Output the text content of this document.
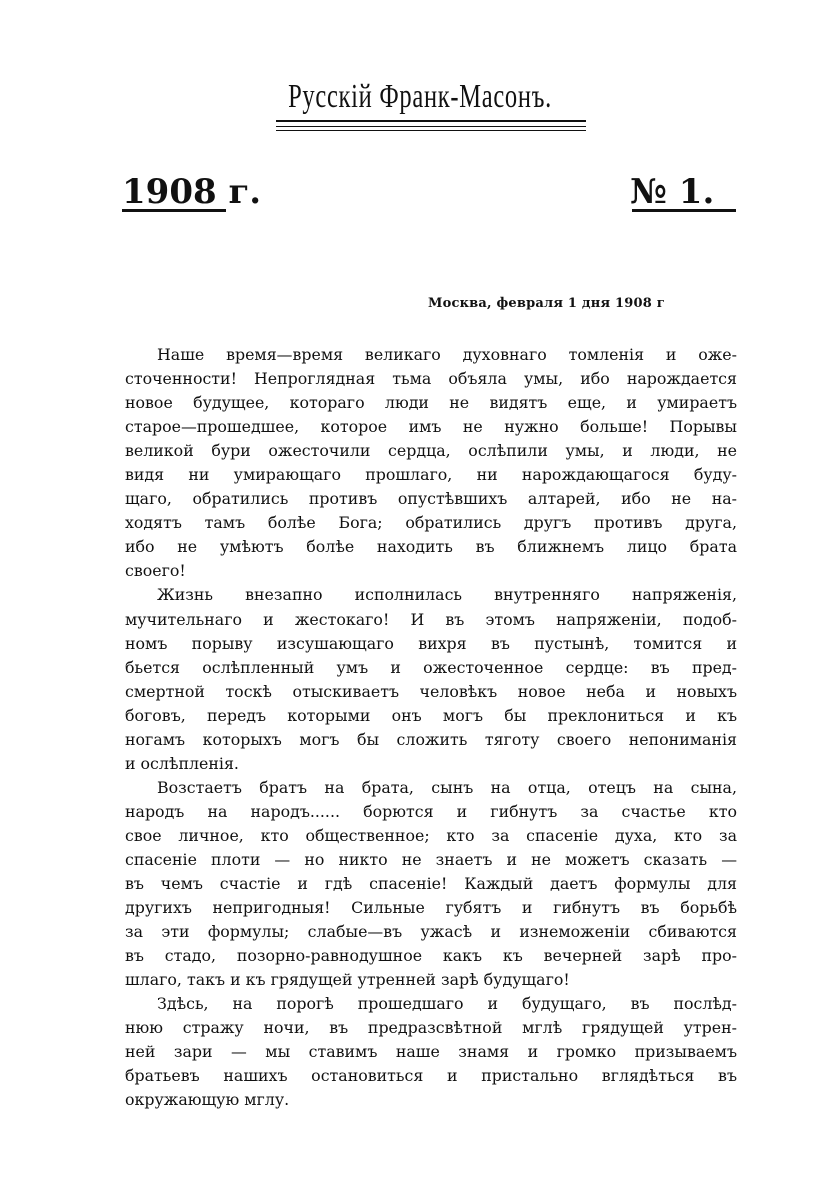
Русскій Франк-Масонъ.
1908 г.	№ 1.
Москва, февраля 1 дня 1908 г
Наше время—время великаго духовнаго томленія и оже-
сточенности! Непроглядная тьма объяла умы, ибо нарождается
новое будущее, котораго люди не видятъ еще, и умираетъ
старое—прошедшее, которое имъ не нужно больше! Порывы
великой бури ожесточили сердца, ослѣпили умы, и люди, не
видя ни умирающаго прошлаго, ни нарождающагося буду-
щаго, обратились противъ опустѣвшихъ алтарей, ибо не на-
ходятъ тамъ болѣе Бога; обратились другъ противъ друга,
ибо не умѣютъ болѣе находить въ ближнемъ лицо брата
своего!
Жизнь внезапно исполнилась внутренняго напряженія,
мучительнаго и жестокаго! И въ этомъ напряженіи, подоб-
номъ порыву изсушающаго вихря въ пустынѣ, томится и
бьется ослѣпленный умъ и ожесточенное сердце: въ пред-
смертной тоскѣ отыскиваетъ человѣкъ новое неба и новыхъ
боговъ, передъ которыми онъ могъ бы преклониться и къ
ногамъ которыхъ могъ бы сложить тяготу своего непониманія
и ослѣпленія.
Возстаетъ братъ на брата, сынъ на отца, отецъ на сына,
народъ на народъ...... борются и гибнутъ за счастье кто
свое личное, кто общественное; кто за спасеніе духа, кто за
спасеніе плоти — но никто не знаетъ и не можетъ сказать —
въ чемъ счастіе и гдѣ спасеніе! Каждый даетъ формулы для
другихъ непригодныя! Сильные губятъ и гибнутъ въ борьбѣ
за эти формулы; слабые—въ ужасѣ и изнеможеніи сбиваются
въ стадо, позорно-равнодушное какъ къ вечерней зарѣ про-
шлаго, такъ и къ грядущей утренней зарѣ будущаго!
Здѣсь, на порогѣ прошедшаго и будущаго, въ послѣд-
нюю стражу ночи, въ предразсвѣтной мглѣ грядущей утрен-
ней зари — мы ставимъ наше знамя и громко призываемъ
братьевъ нашихъ остановиться и пристально вглядѣться въ
окружающую мглу.
